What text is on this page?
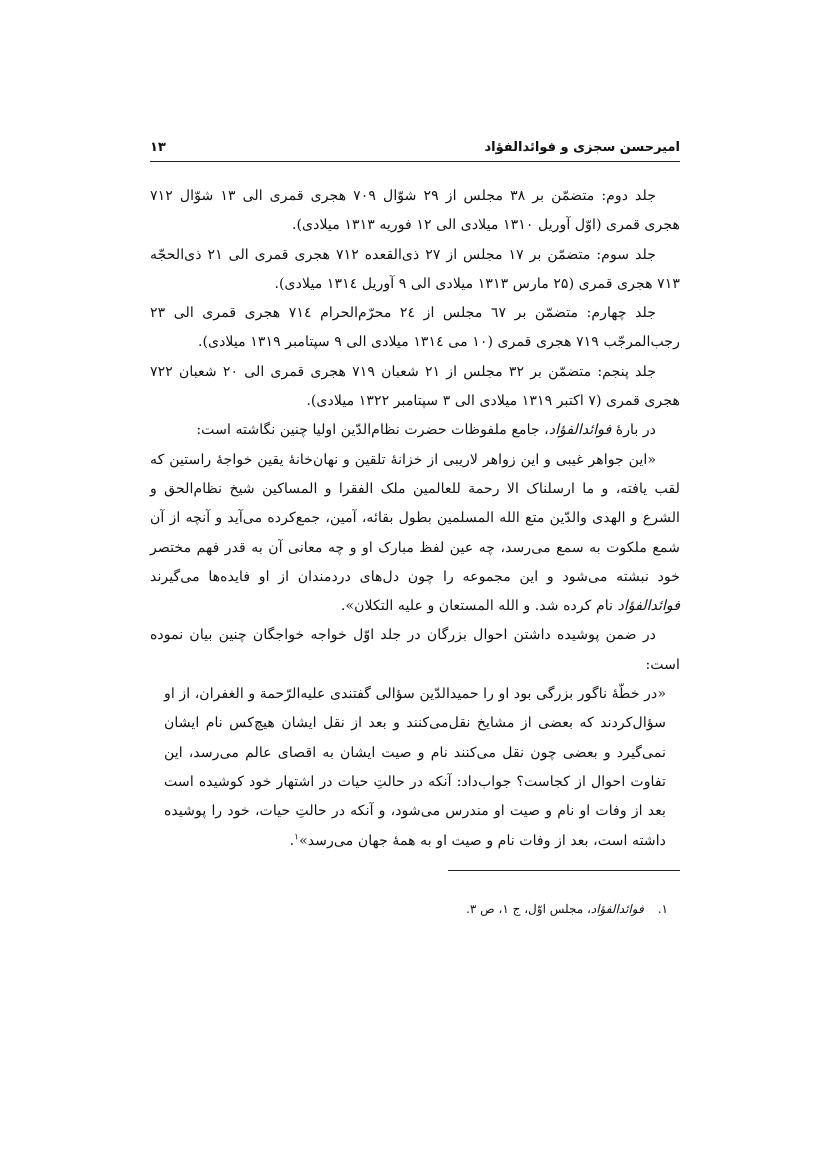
امیرحسن سجزی و فوائدالفؤاد
۱۳

جلد دوم: متضمّن بر ۳۸ مجلس از ۲۹ شوّال ۷۰۹ هجری قمری الی ۱۳ شوّال ۷۱۲ هجری قمری (اوّل آوریل ۱۳۱۰ میلادی الی ۱۲ فوریه ۱۳۱۳ میلادی).

جلد سوم: متضمّن بر ۱۷ مجلس از ۲۷ ذی‌القعده ۷۱۲ هجری قمری الی ۲۱ ذی‌الحجّه ۷۱۳ هجری قمری (۲۵ مارس ۱۳۱۳ میلادی الی ۹ آوریل ۱۳۱٤ میلادی).

جلد چهارم: متضمّن بر ٦۷ مجلس از ۲٤ محرّم‌الحرام ۷۱٤ هجری قمری الی ۲۳ رجب‌المرجّب ۷۱۹ هجری قمری (۱۰ می ۱۳۱٤ میلادی الی ۹ سپتامبر ۱۳۱۹ میلادی).

جلد پنجم: متضمّن بر ۳۲ مجلس از ۲۱ شعبان ۷۱۹ هجری قمری الی ۲۰ شعبان ۷۲۲ هجری قمری (۷ اکتبر ۱۳۱۹ میلادی الی ۳ سپتامبر ۱۳۲۲ میلادی).

در بارهٔ فوائدالفؤاد، جامع ملفوظات حضرت نظام‌الدّین اولیا چنین نگاشته است:

«این جواهر غیبی و این زواهر لاریبی از خزانهٔ تلقین و نهان‌خانهٔ یقین خواجهٔ راستین که لقب یافته، و ما ارسلناک الا رحمة للعالمین ملک الفقرا و المساکین شیخ نظام‌الحق و الشرع و الهدی والدّین متع الله المسلمین بطول بقائه، آمین، جمع‌کرده می‌آید و آنچه از آن شمع ملکوت به سمع می‌رسد، چه عین لفظ مبارک او و چه معانی آن به قدر فهم مختصر خود نبشته می‌شود و این مجموعه را چون دل‌های دردمندان از او فایده‌ها می‌گیرند فوائدالفؤاد نام کرده شد. و الله المستعان و علیه التکلان».

در ضمن پوشیده داشتن احوال بزرگان در جلد اوّل خواجه خواجگان چنین بیان نموده است:

«در خطّهٔ ناگور بزرگی بود او را حمیدالدّین سؤالی گفتندی علیه‌الرّحمة و الغفران، از او سؤال‌کردند که بعضی از مشایخ نقل‌می‌کنند و بعد از نقل ایشان هیچ‌کس نام ایشان نمی‌گیرد و بعضی چون نقل می‌کنند نام و صیت ایشان به اقصای عالم می‌رسد، این تفاوت احوال از کجاست؟ جواب‌داد: آنکه در حالتِ حیات در اشتهار خود کوشیده است بعد از وفات او نام و صیت او مندرس می‌شود، و آنکه در حالتِ حیات، خود را پوشیده داشته است، بعد از وفات نام و صیت او به همهٔ جهان می‌رسد»$^۱$.
۱.فوائدالفؤاد، مجلس اوّل، ج ۱، ص ۳.
